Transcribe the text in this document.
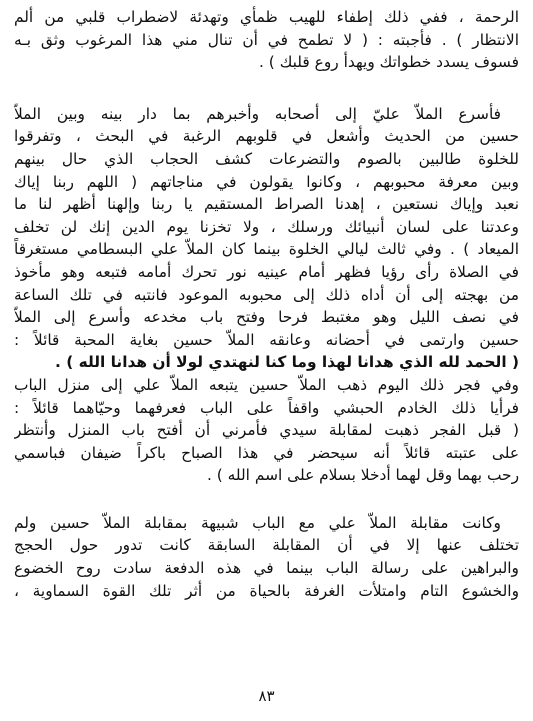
الرحمة ، ففي ذلك إطفاء للهيب ظمأي وتهدئة لاضطراب قلبي من ألم
الانتظار ) . فأجبته : ( لا تطمح في أن تنال مني هذا المرغوب وثق بـه
فسوف يسدد خطواتك ويهدأ روع قلبك ) .

فأسرع الملاّ عليّ إلى أصحابه وأخبرهم بما دار بينه وبين الملاّ
حسين من الحديث وأشعل في قلوبهم الرغبة في البحث ، وتفرقوا
للخلوة طالبين بالصوم والتضرعات كشف الحجاب الذي حال بينهم
وبين معرفة محبوبهم ، وكانوا يقولون في مناجاتهم ( اللهم ربنا إياك
نعبد وإياك نستعين ، إهدنا الصراط المستقيم يا ربنا وإلهنا أظهر لنا ما
وعدتنا على لسان أنبيائك ورسلك ، ولا تخزنا يوم الدين إنك لن تخلف
الميعاد ) . وفي ثالث ليالي الخلوة بينما كان الملاّ علي البسطامي مستغرقاً
في الصلاة رأى رؤيا فظهر أمام عينيه نور تحرك أمامه فتبعه وهو مأخوذ
من بهجته إلى أن أداه ذلك إلى محبوبه الموعود فانتبه في تلك الساعة
في نصف الليل وهو مغتبط فرحا وفتح باب مخدعه وأسرع إلى الملاّ
حسين وارتمى في أحضانه وعانقه الملاّ حسين بغاية المحبة قائلاً :
( الحمد لله الذي هدانا لهذا وما كنا لنهتدي لولا أن هدانا الله ) .
وفي فجر ذلك اليوم ذهب الملاّ حسين يتبعه الملاّ علي إلى منزل الباب
فرأيا ذلك الخادم الحبشي واقفاً على الباب فعرفهما وحيّاهما قائلاً :
( قبل الفجر ذهبت لمقابلة سيدي فأمرني أن أفتح باب المنزل وأنتظر
على عتبته قائلاً أنه سيحضر في هذا الصباح باكراً ضيفان فباسمي
رحب بهما وقل لهما أدخلا بسلام على اسم الله ) .

وكانت مقابلة الملاّ علي مع الباب شبيهة بمقابلة الملاّ حسين ولم
تختلف عنها إلا في أن المقابلة السابقة كانت تدور حول الحجج
والبراهين على رسالة الباب بينما في هذه الدفعة سادت روح الخضوع
والخشوع التام وامتلأت الغرفة بالحياة من أثر تلك القوة السماوية ،

٨٣
